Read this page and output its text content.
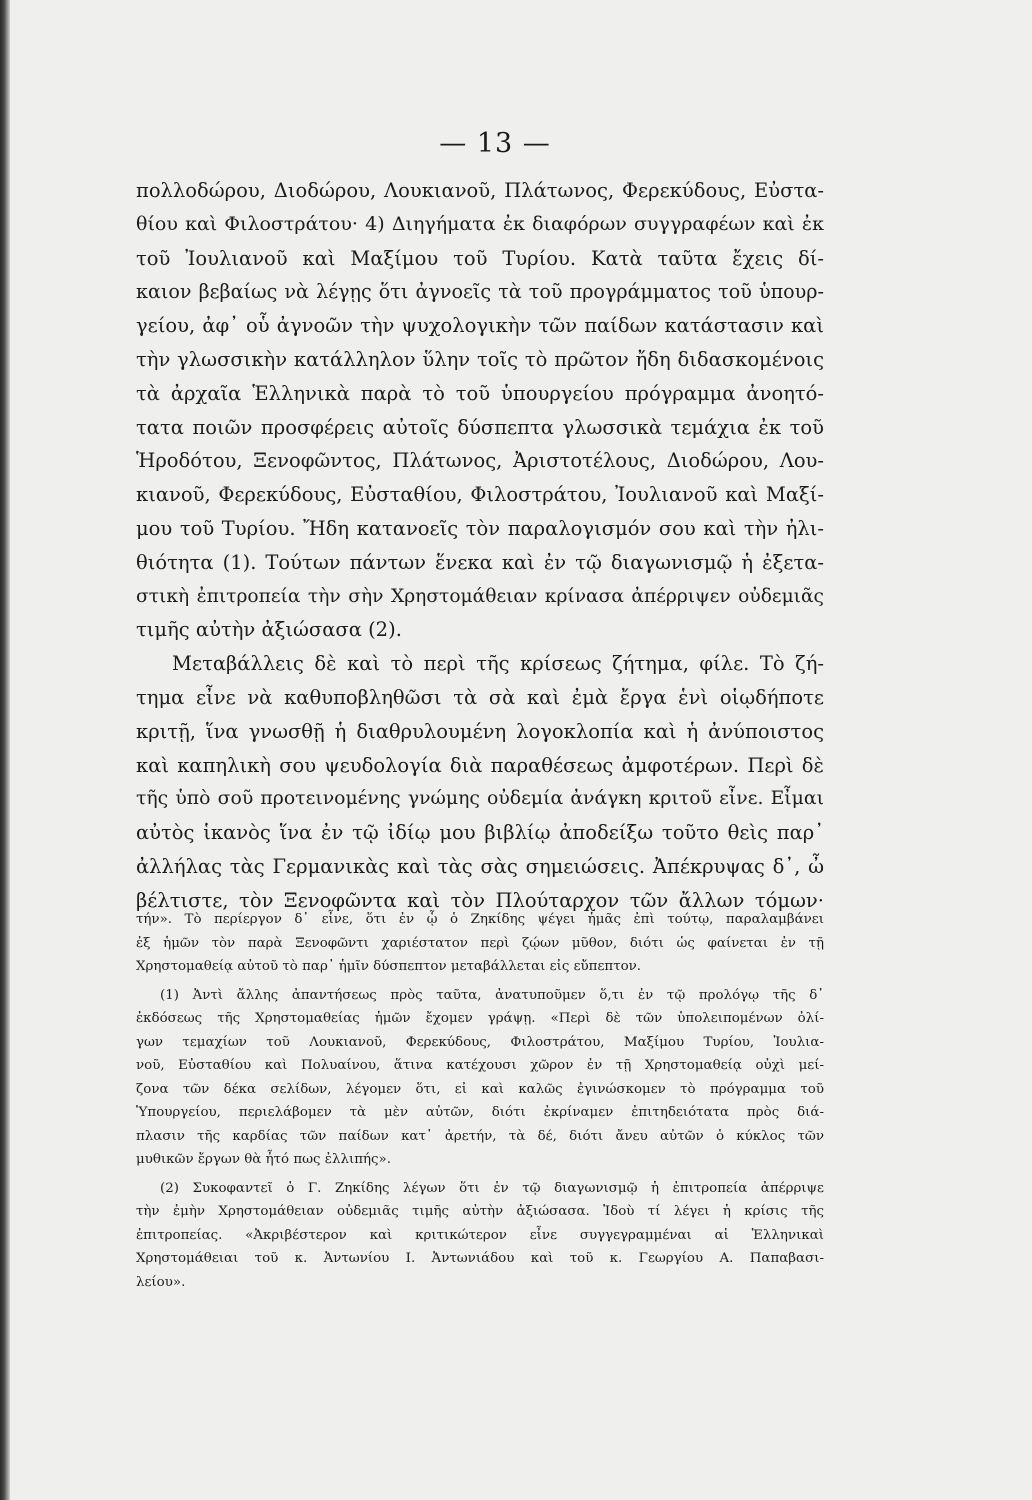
— 13 —
πολλοδώρου, Διοδώρου, Λουκιανοῦ, Πλάτωνος, Φερεκύδους, Εὐστα-
θίου καὶ Φιλοστράτου· 4) Διηγήματα ἐκ διαφόρων συγγραφέων καὶ ἐκ
τοῦ Ἰουλιανοῦ καὶ Μαξίμου τοῦ Τυρίου. Κατὰ ταῦτα ἔχεις δί-
καιον βεβαίως νὰ λέγῃς ὅτι ἀγνοεῖς τὰ τοῦ προγράμματος τοῦ ὑπουρ-
γείου, ἀφ᾽ οὗ ἀγνοῶν τὴν ψυχολογικὴν τῶν παίδων κατάστασιν καὶ
τὴν γλωσσικὴν κατάλληλον ὕλην τοῖς τὸ πρῶτον ἤδη διδασκομένοις
τὰ ἀρχαῖα Ἑλληνικὰ παρὰ τὸ τοῦ ὑπουργείου πρόγραμμα ἀνοητό-
τατα ποιῶν προσφέρεις αὐτοῖς δύσπεπτα γλωσσικὰ τεμάχια ἐκ τοῦ
Ἡροδότου, Ξενοφῶντος, Πλάτωνος, Ἀριστοτέλους, Διοδώρου, Λου-
κιανοῦ, Φερεκύδους, Εὐσταθίου, Φιλοστράτου, Ἰουλιανοῦ καὶ Μαξί-
μου τοῦ Τυρίου. Ἤδη κατανοεῖς τὸν παραλογισμόν σου καὶ τὴν ἠλι-
θιότητα (1). Τούτων πάντων ἕνεκα καὶ ἐν τῷ διαγωνισμῷ ἡ ἐξετα-
στικὴ ἐπιτροπεία τὴν σὴν Χρηστομάθειαν κρίνασα ἀπέρριψεν οὐδεμιᾶς
τιμῆς αὐτὴν ἀξιώσασα (2).
Μεταβάλλεις δὲ καὶ τὸ περὶ τῆς κρίσεως ζήτημα, φίλε. Τὸ ζή-
τημα εἶνε νὰ καθυποβληθῶσι τὰ σὰ καὶ ἐμὰ ἔργα ἑνὶ οἱῳδήποτε
κριτῇ, ἵνα γνωσθῇ ἡ διαθρυλουμένη λογοκλοπία καὶ ἡ ἀνύποιστος
καὶ καπηλικὴ σου ψευδολογία διὰ παραθέσεως ἀμφοτέρων. Περὶ δὲ
τῆς ὑπὸ σοῦ προτεινομένης γνώμης οὐδεμία ἀνάγκη κριτοῦ εἶνε. Εἶμαι
αὐτὸς ἱκανὸς ἵνα ἐν τῷ ἰδίῳ μου βιβλίῳ ἀποδείξω τοῦτο θεὶς παρ᾽
ἀλλήλας τὰς Γερμανικὰς καὶ τὰς σὰς σημειώσεις. Ἀπέκρυψας δ᾽, ὦ
βέλτιστε, τὸν Ξενοφῶντα καὶ τὸν Πλούταρχον τῶν ἄλλων τόμων·
τήν». Τὸ περίεργον δ᾽ εἶνε, ὅτι ἐν ᾧ ὁ Ζηκίδης ψέγει ἡμᾶς ἐπὶ τούτῳ, παραλαμβάνει
ἐξ ἡμῶν τὸν παρὰ Ξενοφῶντι χαριέστατον περὶ ζῴων μῦθον, διότι ὡς φαίνεται ἐν τῇ
Χρηστομαθείᾳ αὐτοῦ τὸ παρ᾽ ἡμῖν δύσπεπτον μεταβάλλεται εἰς εὔπεπτον.
(1) Ἀντὶ ἄλλης ἀπαντήσεως πρὸς ταῦτα, ἀνατυποῦμεν ὅ,τι ἐν τῷ προλόγῳ τῆς δ᾽
ἐκδόσεως τῆς Χρηστομαθείας ἡμῶν ἔχομεν γράψῃ. «Περὶ δὲ τῶν ὑπολειπομένων ὀλί-
γων τεμαχίων τοῦ Λουκιανοῦ, Φερεκύδους, Φιλοστράτου, Μαξίμου Τυρίου, Ἰουλια-
νοῦ, Εὐσταθίου καὶ Πολυαίνου, ἅτινα κατέχουσι χῶρον ἐν τῇ Χρηστομαθείᾳ οὐχὶ μεί-
ζονα τῶν δέκα σελίδων, λέγομεν ὅτι, εἰ καὶ καλῶς ἐγινώσκομεν τὸ πρόγραμμα τοῦ
Ὑπουργείου, περιελάβομεν τὰ μὲν αὐτῶν, διότι ἐκρίναμεν ἐπιτηδειότατα πρὸς διά-
πλασιν τῆς καρδίας τῶν παίδων κατ᾽ ἀρετήν, τὰ δέ, διότι ἄνευ αὐτῶν ὁ κύκλος τῶν
μυθικῶν ἔργων θὰ ἦτό πως ἐλλιπής».
(2) Συκοφαντεῖ ὁ Γ. Ζηκίδης λέγων ὅτι ἐν τῷ διαγωνισμῷ ἡ ἐπιτροπεία ἀπέρριψε
τὴν ἐμὴν Χρηστομάθειαν οὐδεμιᾶς τιμῆς αὐτὴν ἀξιώσασα. Ἰδοὺ τί λέγει ἡ κρίσις τῆς
ἐπιτροπείας. «Ἀκριβέστερον καὶ κριτικώτερον εἶνε συγγεγραμμέναι αἱ Ἑλληνικαὶ
Χρηστομάθειαι τοῦ κ. Ἀντωνίου Ι. Ἀντωνιάδου καὶ τοῦ κ. Γεωργίου Α. Παπαβασι-
λείου».
